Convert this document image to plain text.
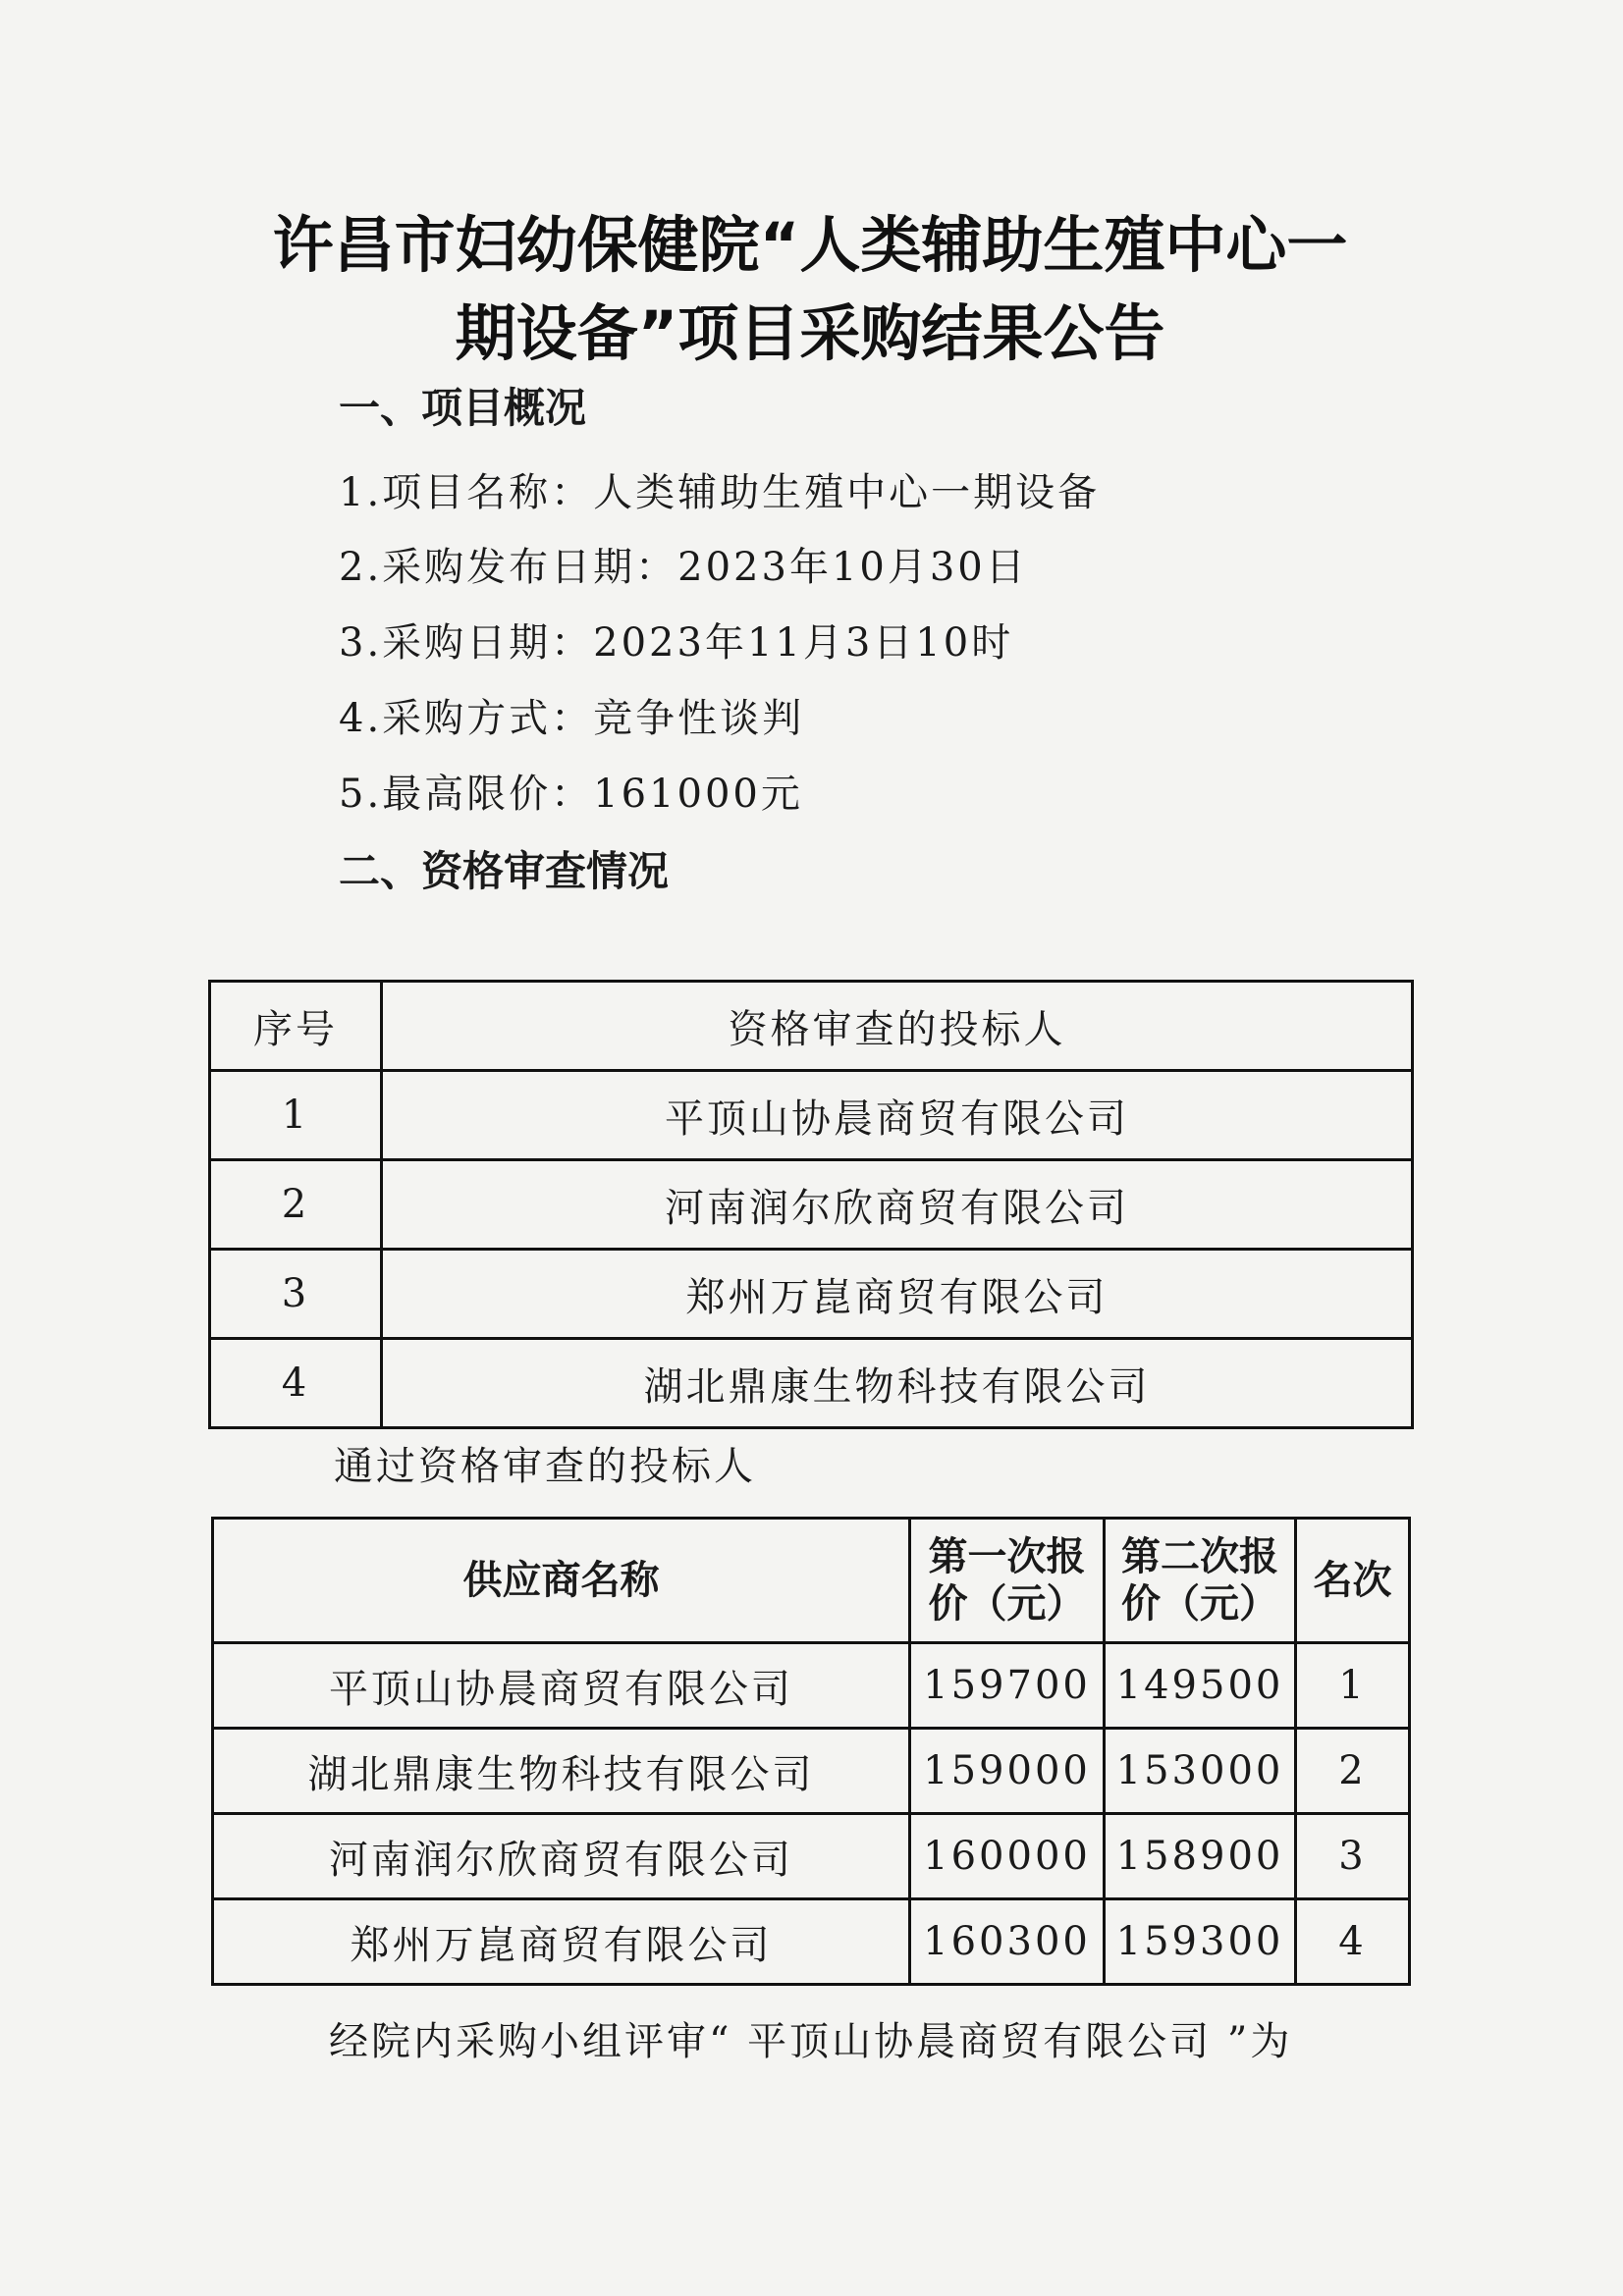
许昌市妇幼保健院“人类辅助生殖中心一
期设备”项目采购结果公告
一、项目概况
1.项目名称：人类辅助生殖中心一期设备
2.采购发布日期：2023年10月30日
3.采购日期：2023年11月3日10时
4.采购方式：竞争性谈判
5.最高限价：161000元
二、资格审查情况
序号	资格审查的投标人
1	平顶山协晨商贸有限公司
2	河南润尔欣商贸有限公司
3	郑州万崑商贸有限公司
4	湖北鼎康生物科技有限公司
通过资格审查的投标人
供应商名称	第一次报价（元）	第二次报价（元）	名次
平顶山协晨商贸有限公司	159700	149500	1
湖北鼎康生物科技有限公司	159000	153000	2
河南润尔欣商贸有限公司	160000	158900	3
郑州万崑商贸有限公司	160300	159300	4
经院内采购小组评审“ 平顶山协晨商贸有限公司 ”为
